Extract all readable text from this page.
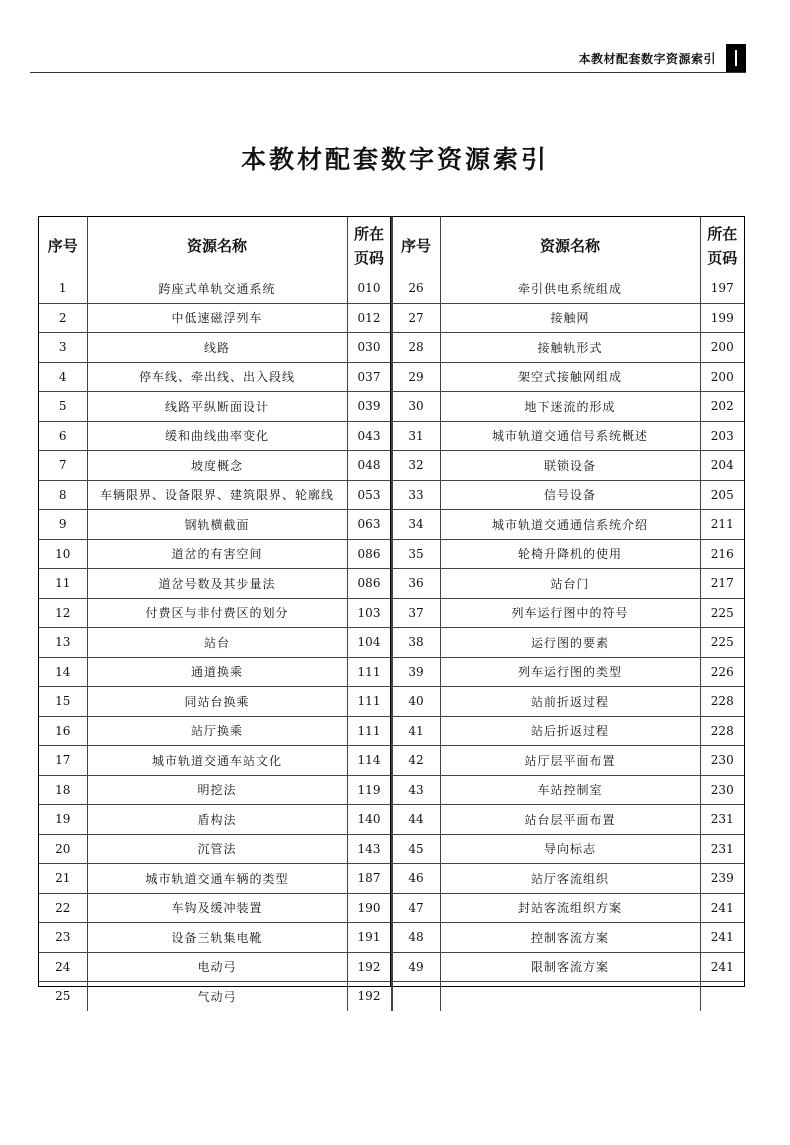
本教材配套数字资源索引
本教材配套数字资源索引
序号	资源名称	所在
页码

1	跨座式单轨交通系统	010
2	中低速磁浮列车	012
3	线路	030
4	停车线、牵出线、出入段线	037
5	线路平纵断面设计	039
6	缓和曲线曲率变化	043
7	坡度概念	048
8	车辆限界、设备限界、建筑限界、轮廓线	053
9	钢轨横截面	063
10	道岔的有害空间	086
11	道岔号数及其步量法	086
12	付费区与非付费区的划分	103
13	站台	104
14	通道换乘	111
15	同站台换乘	111
16	站厅换乘	111
17	城市轨道交通车站文化	114
18	明挖法	119
19	盾构法	140
20	沉管法	143
21	城市轨道交通车辆的类型	187
22	车钩及缓冲装置	190
23	设备三轨集电靴	191
24	电动弓	192
25	气动弓	192
序号	资源名称	所在
页码

26	牵引供电系统组成	197
27	接触网	199
28	接触轨形式	200
29	架空式接触网组成	200
30	地下迷流的形成	202
31	城市轨道交通信号系统概述	203
32	联锁设备	204
33	信号设备	205
34	城市轨道交通通信系统介绍	211
35	轮椅升降机的使用	216
36	站台门	217
37	列车运行图中的符号	225
38	运行图的要素	225
39	列车运行图的类型	226
40	站前折返过程	228
41	站后折返过程	228
42	站厅层平面布置	230
43	车站控制室	230
44	站台层平面布置	231
45	导向标志	231
46	站厅客流组织	239
47	封站客流组织方案	241
48	控制客流方案	241
49	限制客流方案	241
